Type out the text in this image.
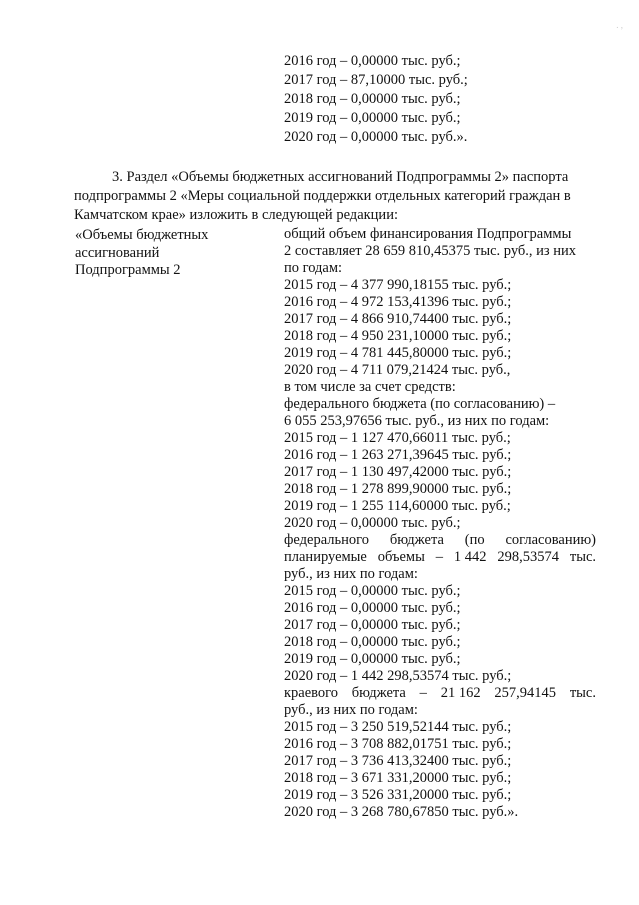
. ,
2016 год – 0,00000 тыс. руб.;
2017 год – 87,10000 тыс. руб.;
2018 год – 0,00000 тыс. руб.;
2019 год – 0,00000 тыс. руб.;
2020 год – 0,00000 тыс. руб.».
3. Раздел «Объемы бюджетных ассигнований Подпрограммы 2» паспорта
подпрограммы 2 «Меры социальной поддержки отдельных категорий граждан в
Камчатском крае» изложить в следующей редакции:
«Объемы бюджетных
ассигнований
Подпрограммы 2
общий объем финансирования Подпрограммы
2 составляет 28 659 810,45375 тыс. руб., из них
по годам:
2015 год – 4 377 990,18155 тыс. руб.;
2016 год – 4 972 153,41396 тыс. руб.;
2017 год – 4 866 910,74400 тыс. руб.;
2018 год – 4 950 231,10000 тыс. руб.;
2019 год – 4 781 445,80000 тыс. руб.;
2020 год – 4 711 079,21424 тыс. руб.,
в том числе за счет средств:
федерального бюджета (по согласованию) –
6 055 253,97656 тыс. руб., из них по годам:
2015 год – 1 127 470,66011 тыс. руб.;
2016 год – 1 263 271,39645 тыс. руб.;
2017 год – 1 130 497,42000 тыс. руб.;
2018 год – 1 278 899,90000 тыс. руб.;
2019 год – 1 255 114,60000 тыс. руб.;
2020 год – 0,00000 тыс. руб.;
федерального бюджета (по согласованию)
планируемые объемы – 1 442 298,53574 тыс.
руб., из них по годам:
2015 год – 0,00000 тыс. руб.;
2016 год – 0,00000 тыс. руб.;
2017 год – 0,00000 тыс. руб.;
2018 год – 0,00000 тыс. руб.;
2019 год – 0,00000 тыс. руб.;
2020 год – 1 442 298,53574 тыс. руб.;
краевого бюджета – 21 162 257,94145 тыс.
руб., из них по годам:
2015 год – 3 250 519,52144 тыс. руб.;
2016 год – 3 708 882,01751 тыс. руб.;
2017 год – 3 736 413,32400 тыс. руб.;
2018 год – 3 671 331,20000 тыс. руб.;
2019 год – 3 526 331,20000 тыс. руб.;
2020 год – 3 268 780,67850 тыс. руб.».
